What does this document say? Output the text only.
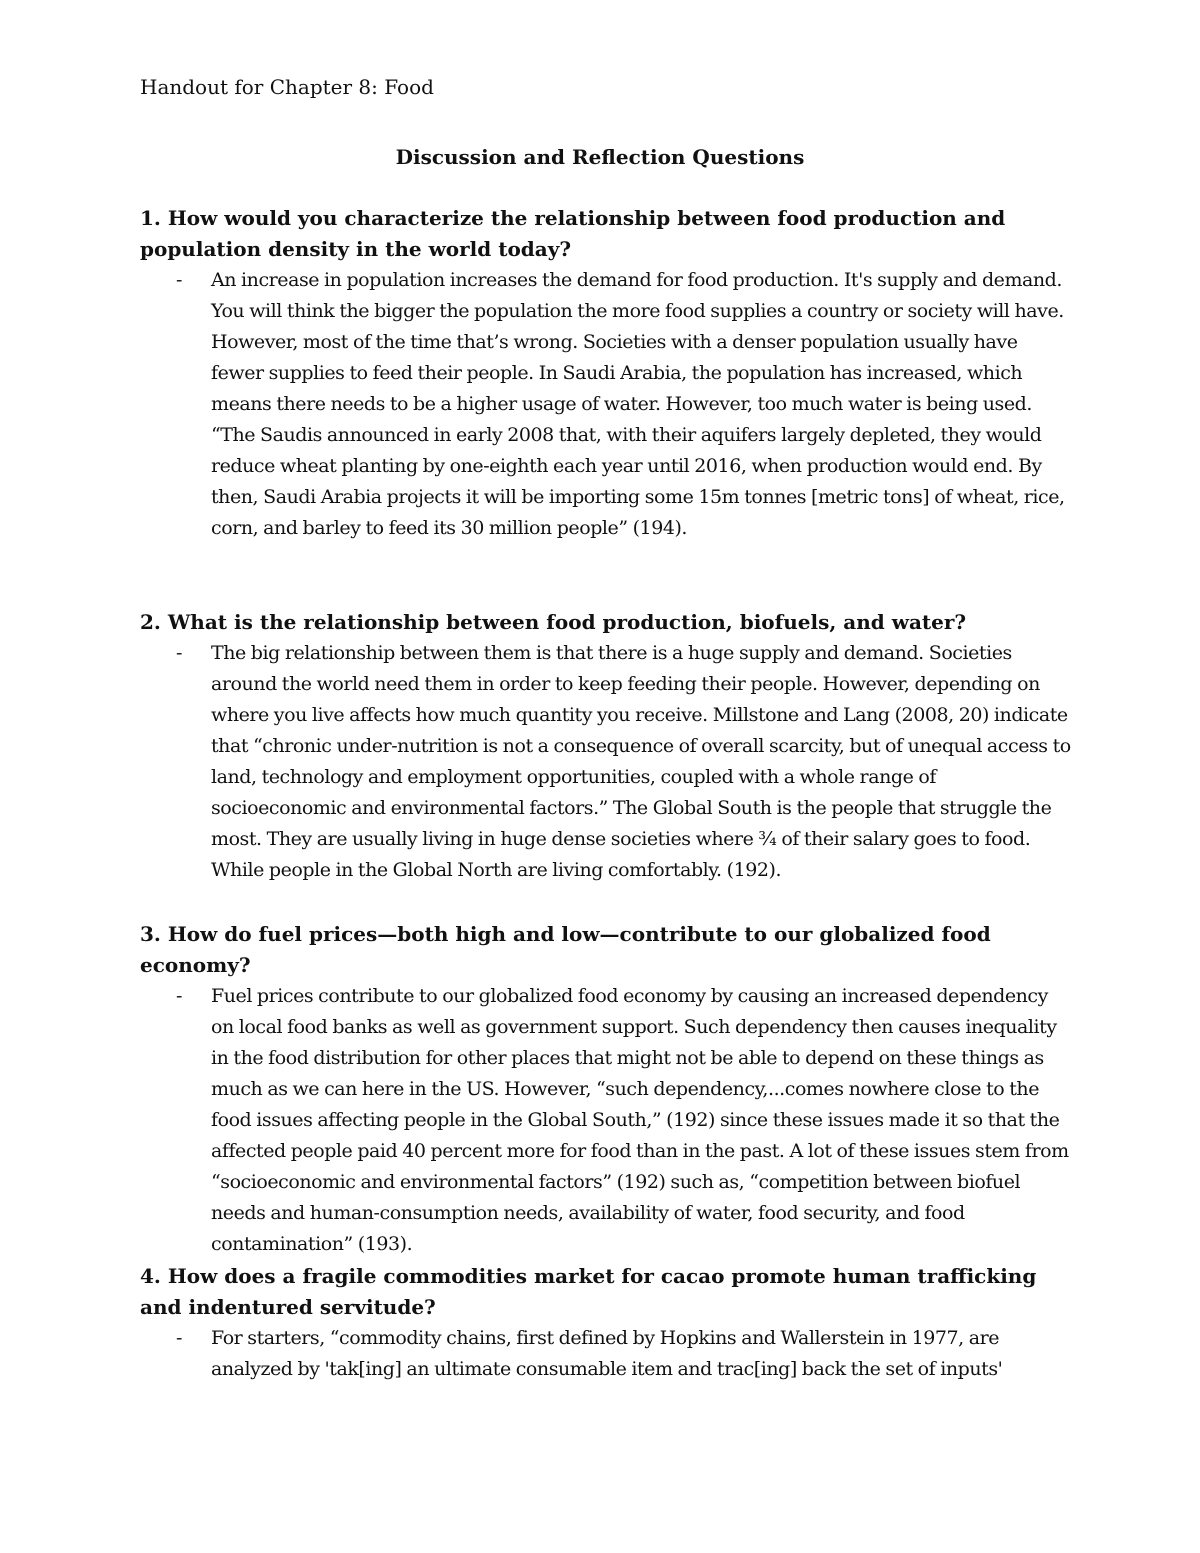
Handout for Chapter 8: Food

Discussion and Reflection Questions

1. How would you characterize the relationship between food production and population density in the world today?

- An increase in population increases the demand for food production. It's supply and demand. You will think the bigger the population the more food supplies a country or society will have. However, most of the time that’s wrong. Societies with a denser population usually have fewer supplies to feed their people. In Saudi Arabia, the population has increased, which means there needs to be a higher usage of water. However, too much water is being used. “The Saudis announced in early 2008 that, with their aquifers largely depleted, they would reduce wheat planting by one-eighth each year until 2016, when production would end. By then, Saudi Arabia projects it will be importing some 15m tonnes [metric tons] of wheat, rice, corn, and barley to feed its 30 million people” (194).

2. What is the relationship between food production, biofuels, and water?

- The big relationship between them is that there is a huge supply and demand. Societies around the world need them in order to keep feeding their people. However, depending on where you live affects how much quantity you receive. Millstone and Lang (2008, 20) indicate that “chronic under-nutrition is not a consequence of overall scarcity, but of unequal access to land, technology and employment opportunities, coupled with a whole range of socioeconomic and environmental factors.” The Global South is the people that struggle the most. They are usually living in huge dense societies where ¾ of their salary goes to food. While people in the Global North are living comfortably. (192).

3. How do fuel prices—both high and low—contribute to our globalized food economy?

- Fuel prices contribute to our globalized food economy by causing an increased dependency on local food banks as well as government support. Such dependency then causes inequality in the food distribution for other places that might not be able to depend on these things as much as we can here in the US. However, “such dependency,...comes nowhere close to the food issues affecting people in the Global South,” (192) since these issues made it so that the affected people paid 40 percent more for food than in the past. A lot of these issues stem from “socioeconomic and environmental factors” (192) such as, “competition between biofuel needs and human-consumption needs, availability of water, food security, and food contamination” (193).

4. How does a fragile commodities market for cacao promote human trafficking and indentured servitude?

- For starters, “commodity chains, first defined by Hopkins and Wallerstein in 1977, are analyzed by 'tak[ing] an ultimate consumable item and trac[ing] back the set of inputs'
